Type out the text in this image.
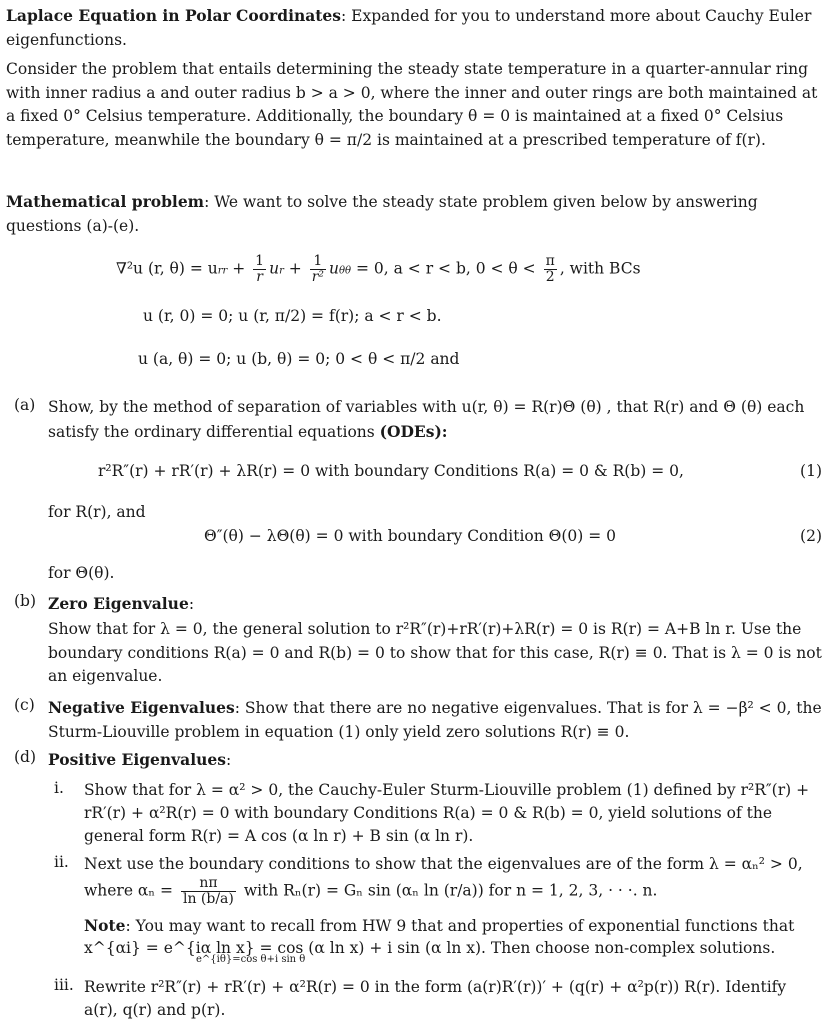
Laplace Equation in Polar Coordinates: Expanded for you to understand more about Cauchy Euler eigenfunctions.
Consider the problem that entails determining the steady state temperature in a quarter-annular ring with inner radius a and outer radius b > a > 0, where the inner and outer rings are both maintained at a fixed 0° Celsius temperature. Additionally, the boundary θ = 0 is maintained at a fixed 0° Celsius temperature, meanwhile the boundary θ = π/2 is maintained at a prescribed temperature of f(r).
Mathematical problem: We want to solve the steady state problem given below by answering questions (a)-(e).
∇²u (r, θ) = urr + $\frac{1}{r}$ ur + $\frac{1}{\text{r²}}$ uθθ = 0, a < r < b, $0 < \theta < \frac{\pi}{2}$ , with BCs
u (r, 0) = 0; u (r, π/2) = f(r); a < r < b.
u (a, θ) = 0; u (b, θ) = 0; 0 < θ < π/2 and
(a) Show, by the method of separation of variables with u(r, θ) = R(r)Θ (θ) , that R(r) and Θ (θ) each satisfy the ordinary differential equations (ODEs):
r²R″(r) + rR′(r) + λR(r) = 0 with boundary Conditions R(a) = 0 & R(b) = 0,	(1)
for R(r), and
Θ″(θ) − λΘ(θ) = 0 with boundary Condition Θ(0) = 0	(2)
for Θ(θ).
(b) Zero Eigenvalue:
Show that for λ = 0, the general solution to r²R″(r)+rR′(r)+λR(r) = 0 is R(r) = A+B ln r. Use the boundary conditions R(a) = 0 and R(b) = 0 to show that for this case, R(r) ≡ 0. That is λ = 0 is not an eigenvalue.
(c) Negative Eigenvalues: Show that there are no negative eigenvalues. That is for λ = −β² < 0, the Sturm-Liouville problem in equation (1) only yield zero solutions R(r) ≡ 0.
(d) Positive Eigenvalues:
i. Show that for λ = α² > 0, the Cauchy-Euler Sturm-Liouville problem (1) defined by r²R″(r) + rR′(r) + α²R(r) = 0 with boundary Conditions R(a) = 0 & R(b) = 0, yield solutions of the general form R(r) = A cos (α ln r) + B sin (α ln r).
ii. Next use the boundary conditions to show that the eigenvalues are of the form λ = αₙ² > 0,
where $\alpha_n = \frac{n\pi}{\ln (b/a)}$ with Rₙ(r) = Gₙ sin (αₙ ln (r/a)) for n = 1, 2, 3, · · ·. n.
Note: You may want to recall from HW 9 that and properties of exponential functions that
x^{αi} = e^{iα ln x} = cos (α ln x) + i sin (α ln x). Then choose non-complex solutions.
e^{iθ}=cos θ+i sin θ
iii. Rewrite r²R″(r) + rR′(r) + α²R(r) = 0 in the form (a(r)R′(r))′ + (q(r) + α²p(r)) R(r). Identify a(r), q(r) and p(r).
